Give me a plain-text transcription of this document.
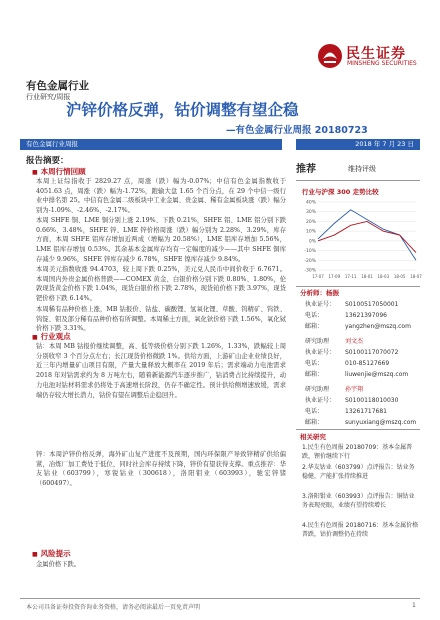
民生证券
MINSHENG SECURITIES
有色金属行业
行业研究/周报
沪锌价格反弹，钴价调整有望企稳
—有色金属行业周报 20180723
有色金属行业周报	2018 年 7 月 23 日
报告摘要：
■ 本周行情回顾
本周上证综指收于 2829.27 点，周涨（跌）幅为-0.07%；中信有色金属指数收于 4051.63 点，周涨（跌）幅为-1.72%，跑输大盘 1.65 个百分点，在 29 个中信一级行业中排名第 25。中信有色金属二级板块中工业金属、贵金属、稀有金属板块涨（跌）幅分别为-1.09%、-2.46%、-2.17%。
本周 SHFE 铜、LME 铜分别上涨 2.19%、下跌 0.21%，SHFE 铝、LME 铝分别下跌 0.66%、3.48%，SHFE 锌、LME 锌价格周涨（跌）幅分别为 2.28%、3.29%，库存方面，本周 SHFE 铝库存增加近两成（增幅为 20.58%），LME 铝库存增加 5.56%，LME 铝库存增加 0.53%。其余基本金属库存均有一定幅度的减少——其中 SHFE 铜库存减少 9.96%，SHFE 锌库存减少 6.78%，SHFE 镍库存减少 9.84%。
本周美元指数收涨 94.4703，较上周下跌 0.25%，美元兑人民币中间价收于 6.7671。本周国内外贵金属价格普跌——COMEX 黄金、白银价格分别下跌 0.80%、1.80%，伦敦现货黄金价格下跌 1.04%，现货白银价格下跌 2.78%，现货铂价格下跌 3.97%，现货钯价格下跌 6.14%。
本周稀有品种价格上涨，MB 钴报价、钴盐、碳酸锂、氢氧化锂、草酸、钨精矿、钨铁、钨锭、钼及部分稀有品种价格有所调整。本周稀土方面，氧化钬价格下跌 1.56%，氧化铽价格下跌 3.31%。
■ 行业观点
钴：本周 MB 钴报价继续调整，高、低等级价格分别下跌 1.26%，1.33%，跌幅较上周分别收窄 3 个百分点左右；长江现货价格微跌 1%。供给方面，上游矿山企业业绩良好，近三年内增量矿山项目有限，产量大量释放大概率在 2019 年后；需求端动力电池需求 2018 年对钴需求约为 8 万吨左右，随着新能源汽车逐步推广，钴消费占比持续提升，动力电池对钴材料需求仍将处于高速增长阶段，仍存不确定性。预计供给侧增速放缓，需求端仍存较大增长潜力，钴价有望在调整后企稳回升。
锌：本周沪锌价格反弹，海外矿山复产进度不及预期，国内环保限产导致锌精矿供给偏紧，冶炼厂加工费处于低位，同时社会库存持续下降，锌价有望获得支撑。重点推荐：华友钴业（603799），寒锐钴业（300618），洛阳钼业（603993），驰宏锌锗（600497）。
■ 风险提示
金属价格下跌。
推荐	维持评级
行业与沪深 300 走势比较
40%
30%
20%
10%
0%
-10%
-20%
-30%
17-07 17-09 17-11 18-01 18-03 18-05 18-07
分析师：杨振
执业证号： S0100517050001
电话：	13621397096
邮箱：	yangzhen@mszq.com
研究助理	刘文杰
执业证号： S0100117070072
电话：	010-85127669
邮箱：	liuwenjie@mszq.com
研究助理	孙宇翔
执业证号： S0100118010030
电话：	13261717681
邮箱：	sunyuxiang@mszq.com
相关研究
1.民生有色周报 20180709：基本金属普跌，锂价继续下行
2.华友钴业（603799）点评报告：钴业务稳健，产能扩张持续推进
3.洛阳钼业（603993）点评报告：铜钴业务表现亮眼，业绩有望持续增长
4.民生有色周报 20180716：基本金属价格普跌，钴价调整仍在持续
本公司具备证券投资咨询业务资格，请务必阅读最后一页免责声明	1
